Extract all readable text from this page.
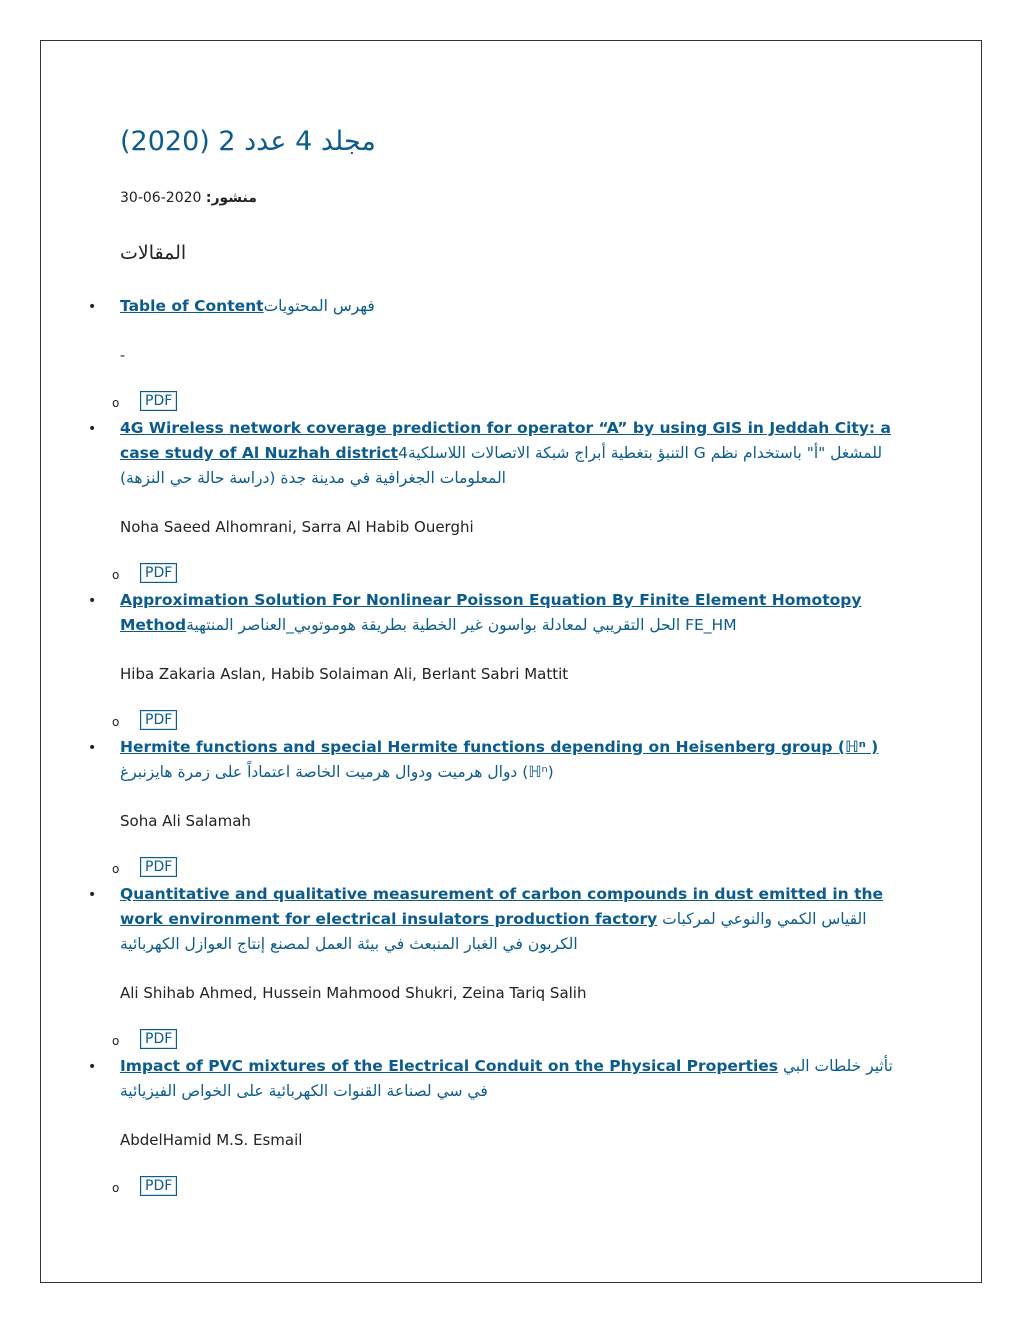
مجلد 4 عدد 2 (2020)
منشور: 2020-06-30
المقالات
• Table of Contentفهرس المحتويات
-
o	PDF
• 4G Wireless network coverage prediction for operator “A” by using GIS in Jeddah City: a case study of Al Nuzhah district4التنبؤ بتغطية أبراج شبكة الاتصالات اللاسلكية G للمشغل "أ" باستخدام نظم المعلومات الجغرافية في مدينة جدة (دراسة حالة حي النزهة)
Noha Saeed Alhomrani, Sarra Al Habib Ouerghi
o	PDF
• Approximation Solution For Nonlinear Poisson Equation By Finite Element Homotopy Methodالحل التقريبي لمعادلة بواسون غير الخطية بطريقة هوموتوبي_العناصر المنتهية FE_HM
Hiba Zakaria Aslan, Habib Solaiman Ali, Berlant Sabri Mattit
o	PDF
• Hermite functions and special Hermite functions depending on Heisenberg group (ℍⁿ ) دوال هرميت ودوال هرميت الخاصة اعتماداً على زمرة هايزنبرغ (ℍⁿ)
Soha Ali Salamah
o	PDF
• Quantitative and qualitative measurement of carbon compounds in dust emitted in the work environment for electrical insulators production factory القياس الكمي والنوعي لمركبات الكربون في الغبار المنبعث في بيئة العمل لمصنع إنتاج العوازل الكهربائية
Ali Shihab Ahmed, Hussein Mahmood Shukri, Zeina Tariq Salih
o	PDF
• Impact of PVC mixtures of the Electrical Conduit on the Physical Properties تأثير خلطات البي في سي لصناعة القنوات الكهربائية على الخواص الفيزيائية
AbdelHamid M.S. Esmail
o	PDF
